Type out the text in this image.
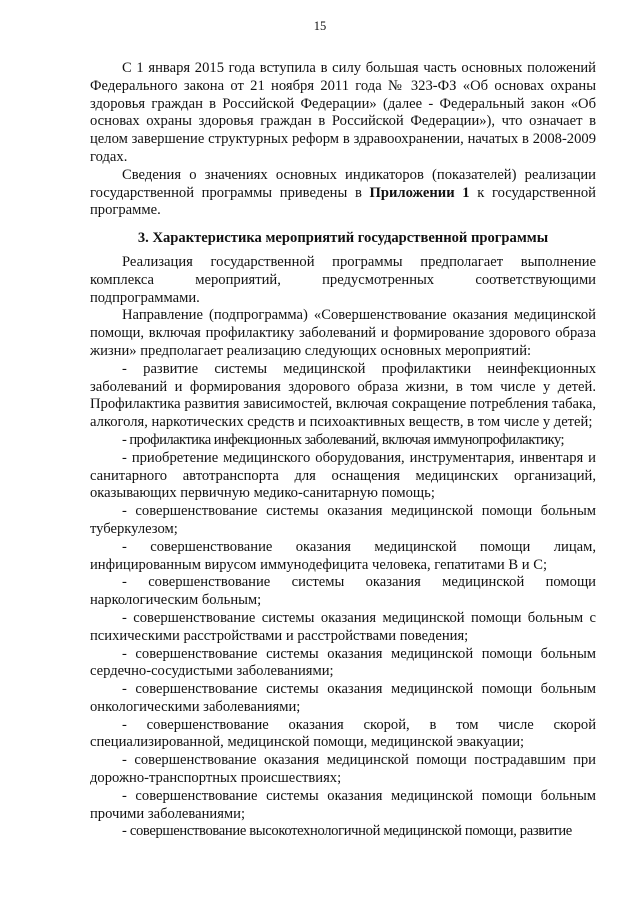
15

С 1 января 2015 года вступила в силу большая часть основных положений Федерального закона от 21 ноября 2011 года № 323-ФЗ «Об основах охраны здоровья граждан в Российской Федерации» (далее - Федеральный закон «Об основах охраны здоровья граждан в Российской Федерации»), что означает в целом завершение структурных реформ в здравоохранении, начатых в 2008-2009 годах.

Сведения о значениях основных индикаторов (показателей) реализации государственной программы приведены в Приложении 1 к государственной программе.

3. Характеристика мероприятий государственной программы

Реализация государственной программы предполагает выполнение комплекса мероприятий, предусмотренных соответствующими подпрограммами.

Направление (подпрограмма) «Совершенствование оказания медицинской помощи, включая профилактику заболеваний и формирование здорового образа жизни» предполагает реализацию следующих основных мероприятий:

- развитие системы медицинской профилактики неинфекционных заболеваний и формирования здорового образа жизни, в том числе у детей. Профилактика развития зависимостей, включая сокращение потребления табака, алкоголя, наркотических средств и психоактивных веществ, в том числе у детей;
- профилактика инфекционных заболеваний, включая иммунопрофилактику;
- приобретение медицинского оборудования, инструментария, инвентаря и санитарного автотранспорта для оснащения медицинских организаций, оказывающих первичную медико-санитарную помощь;
- совершенствование системы оказания медицинской помощи больным туберкулезом;
- совершенствование оказания медицинской помощи лицам, инфицированным вирусом иммунодефицита человека, гепатитами В и С;
- совершенствование системы оказания медицинской помощи наркологическим больным;
- совершенствование системы оказания медицинской помощи больным с психическими расстройствами и расстройствами поведения;
- совершенствование системы оказания медицинской помощи больным сердечно-сосудистыми заболеваниями;
- совершенствование системы оказания медицинской помощи больным онкологическими заболеваниями;
- совершенствование оказания скорой, в том числе скорой специализированной, медицинской помощи, медицинской эвакуации;
- совершенствование оказания медицинской помощи пострадавшим при дорожно-транспортных происшествиях;
- совершенствование системы оказания медицинской помощи больным прочими заболеваниями;
- совершенствование высокотехнологичной медицинской помощи, развитие
